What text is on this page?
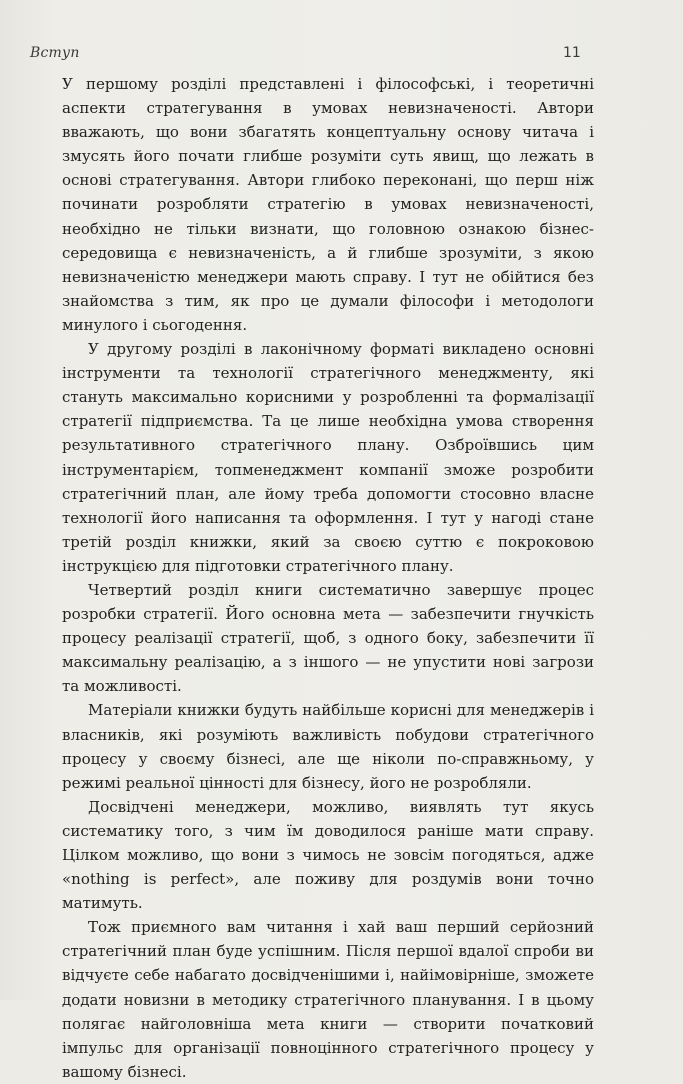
Вступ	11

У першому розділі представлені і філософські, і теоретичні аспекти стратегування в умовах невизначеності. Автори вважають, що вони збагатять концептуальну основу читача і змусять його почати глибше розуміти суть явищ, що лежать в основі стратегування. Автори глибоко переконані, що перш ніж починати розробляти стратегію в умовах невизначеності, необхідно не тільки визнати, що головною ознакою бізнес-середовища є невизначеність, а й глибше зрозуміти, з якою невизначеністю менеджери мають справу. І тут не обійтися без знайомства з тим, як про це думали філософи і методологи минулого і сьогодення.

У другому розділі в лаконічному форматі викладено основні інструменти та технології стратегічного менеджменту, які стануть максимально корисними у розробленні та формалізації стратегії підприємства. Та це лише необхідна умова створення результативного стратегічного плану. Озброївшись цим інструментарієм, топменеджмент компанії зможе розробити стратегічний план, але йому треба допомогти стосовно власне технології його написання та оформлення. І тут у нагоді стане третій розділ книжки, який за своєю суттю є покроковою інструкцією для підготовки стратегічного плану.

Четвертий розділ книги систематично завершує процес розробки стратегії. Його основна мета — забезпечити гнучкість процесу реалізації стратегії, щоб, з одного боку, забезпечити її максимальну реалізацію, а з іншого — не упустити нові загрози та можливості.

Матеріали книжки будуть найбільше корисні для менеджерів і власників, які розуміють важливість побудови стратегічного процесу у своєму бізнесі, але ще ніколи по-справжньому, у режимі реальної цінності для бізнесу, його не розробляли.

Досвідчені менеджери, можливо, виявлять тут якусь систематику того, з чим їм доводилося раніше мати справу. Цілком можливо, що вони з чимось не зовсім погодяться, адже «nothing is perfect», але поживу для роздумів вони точно матимуть.

Тож приємного вам читання і хай ваш перший серйозний стратегічний план буде успішним. Після першої вдалої спроби ви відчуєте себе набагато досвідченішими і, найімовірніше, зможете додати новизни в методику стратегічного планування. І в цьому полягає найголовніша мета книги — створити початковий імпульс для організації повноцінного стратегічного процесу у вашому бізнесі.
